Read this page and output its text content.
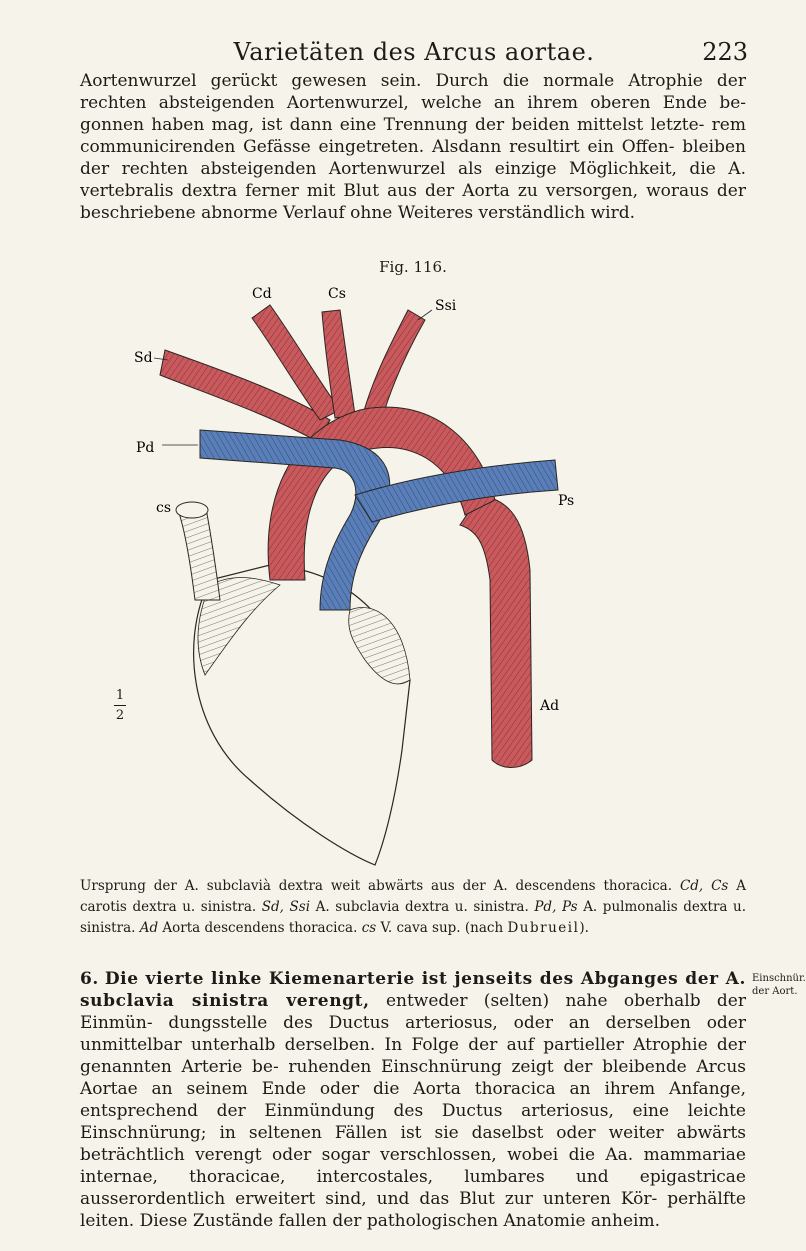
Varietäten des Arcus aortae.	223
Aortenwurzel gerückt gewesen sein. Durch die normale Atrophie der rechten absteigenden Aortenwurzel, welche an ihrem oberen Ende be- gonnen haben mag, ist dann eine Trennung der beiden mittelst letzte- rem communicirenden Gefässe eingetreten. Alsdann resultirt ein Offen- bleiben der rechten absteigenden Aortenwurzel als einzige Möglichkeit, die A. vertebralis dextra ferner mit Blut aus der Aorta zu versorgen, woraus der beschriebene abnorme Verlauf ohne Weiteres verständlich wird.
Fig. 116.
Cd	Cs
Ssi
Sd
Pd
Ps
cs
Ad
1
2
Ursprung der A. subclavià dextra weit abwärts aus der A. descendens thoracica. Cd, Cs A carotis dextra u. sinistra. Sd, Ssi A. subclavia dextra u. sinistra. Pd, Ps A. pulmonalis dextra u. sinistra. Ad Aorta descendens thoracica. cs V. cava sup. (nach Dubrueil).
6. Die vierte linke Kiemenarterie ist jenseits des Abganges der A. subclavia sinistra verengt, entweder (selten) nahe oberhalb der Einmün- dungsstelle des Ductus arteriosus, oder an derselben oder unmittelbar unterhalb derselben. In Folge der auf partieller Atrophie der genannten Arterie be- ruhenden Einschnürung zeigt der bleibende Arcus Aortae an seinem Ende oder die Aorta thoracica an ihrem Anfange, entsprechend der Einmündung des Ductus arteriosus, eine leichte Einschnürung; in seltenen Fällen ist sie daselbst oder weiter abwärts beträchtlich verengt oder sogar verschlossen, wobei die Aa. mammariae internae, thoracicae, intercostales, lumbares und epigastricae ausserordentlich erweitert sind, und das Blut zur unteren Kör- perhälfte leiten. Diese Zustände fallen der pathologischen Anatomie anheim.
Einschnür. der Aort.
